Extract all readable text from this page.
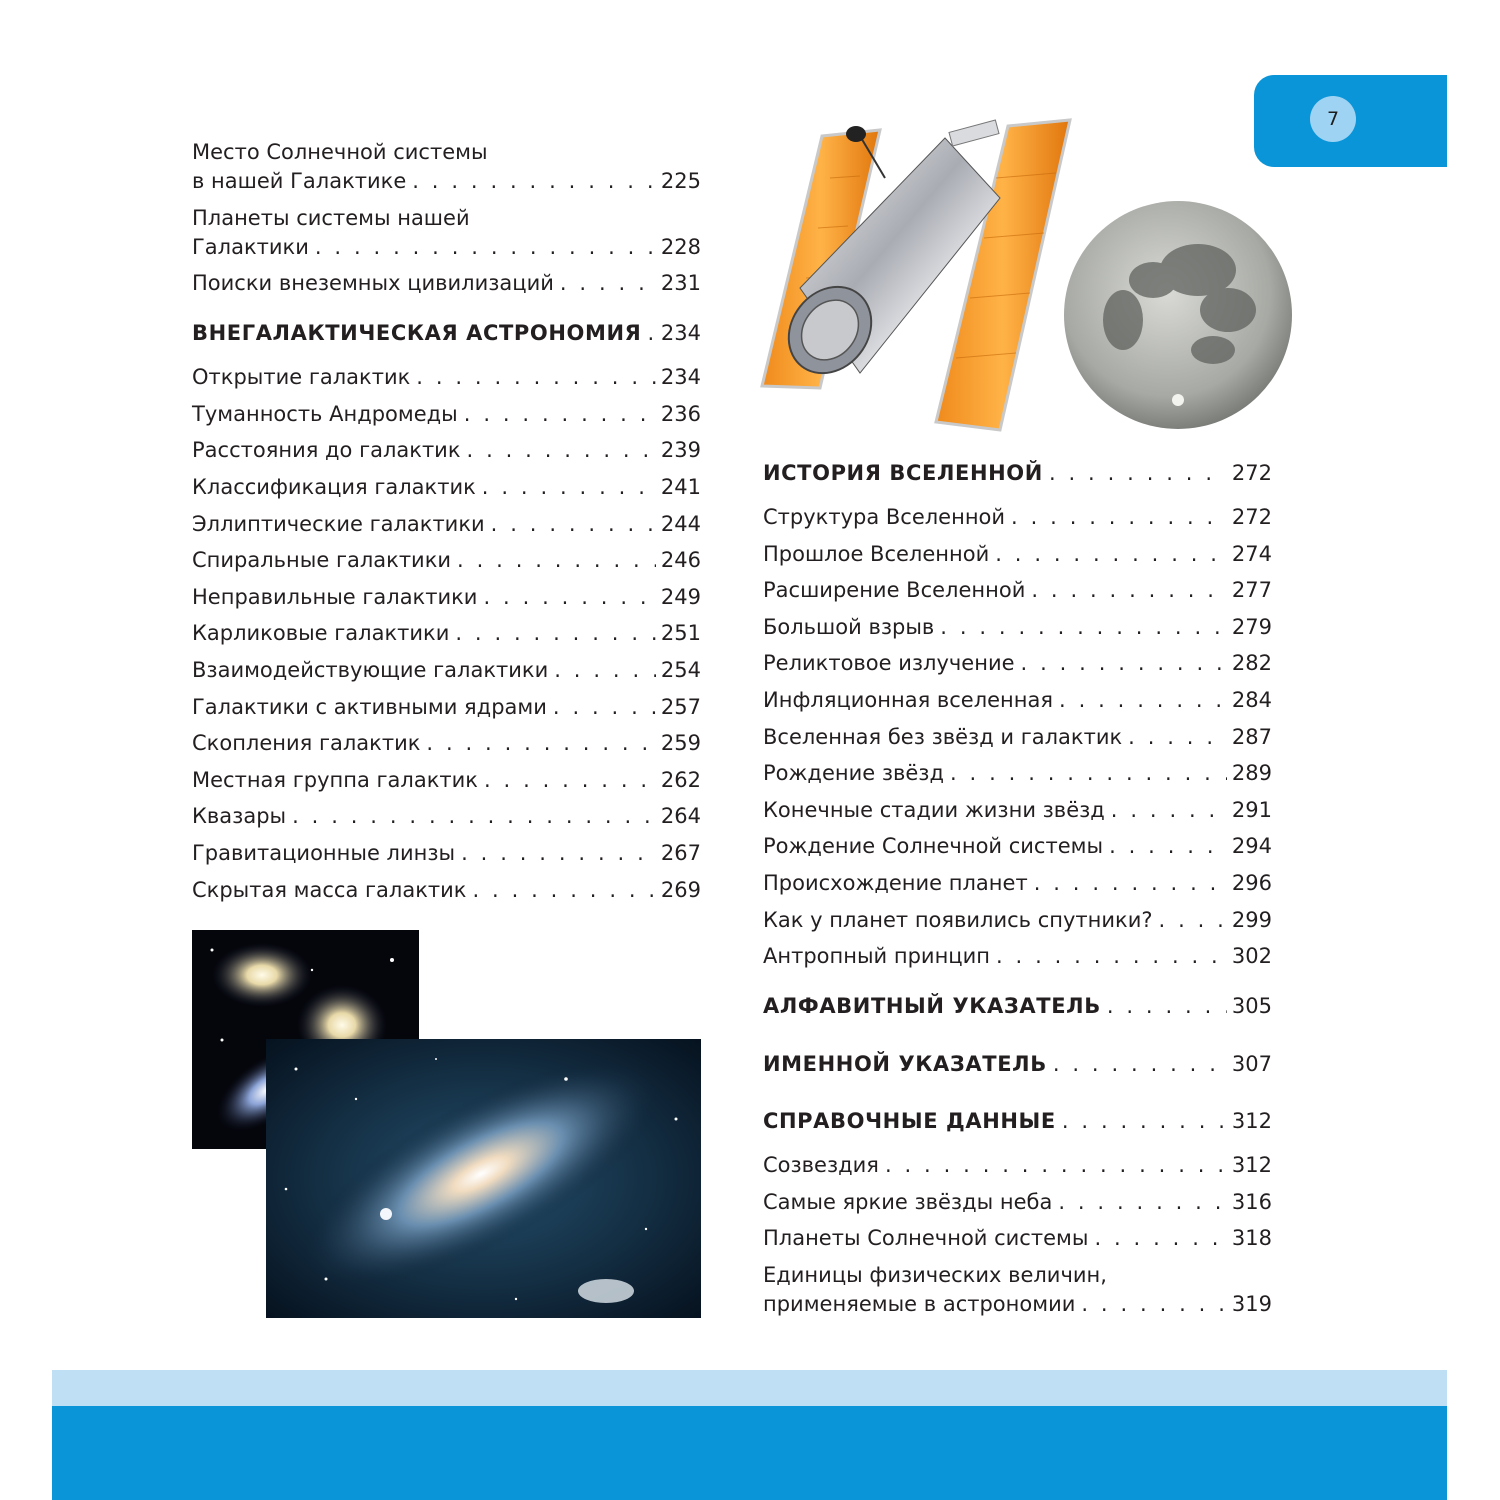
7
Место Солнечной системы
в нашей Галактике . . .	225
Планеты системы нашей
Галактики . . .	228
Поиски внеземных цивилизаций . . .	231
ВНЕГАЛАКТИЧЕСКАЯ АСТРОНОМИЯ . . . 234
Открытие галактик . . .	234
Туманность Андромеды . . .	236
Расстояния до галактик . . .	239
Классификация галактик . . .	241
Эллиптические галактики . . .	244
Спиральные галактики . . .	246
Неправильные галактики . . .	249
Карликовые галактики . . .	251
Взаимодействующие галактики . . .	254
Галактики с активными ядрами . . .	257
Скопления галактик . . .	259
Местная группа галактик . . .	262
Квазары . . .	264
Гравитационные линзы . . .	267
Скрытая масса галактик . . .	269
ИСТОРИЯ ВСЕЛЕННОЙ . . .	272
Структура Вселенной . . .	272
Прошлое Вселенной . . .	274
Расширение Вселенной . . .	277
Большой взрыв . . .	279
Реликтовое излучение . . .	282
Инфляционная вселенная . . .	284
Вселенная без звёзд и галактик . . .	287
Рождение звёзд . . .	289
Конечные стадии жизни звёзд . . .	291
Рождение Солнечной системы . . .	294
Происхождение планет . . .	296
Как у планет появились спутники? . . .	299
Антропный принцип . . .	302
АЛФАВИТНЫЙ УКАЗАТЕЛЬ . . .	305
ИМЕННОЙ УКАЗАТЕЛЬ . . .	307
СПРАВОЧНЫЕ ДАННЫЕ . . .	312
Созвездия . . .	312
Самые яркие звёзды неба . . .	316
Планеты Солнечной системы . . .	318
Единицы физических величин,
применяемые в астрономии . . .	319
